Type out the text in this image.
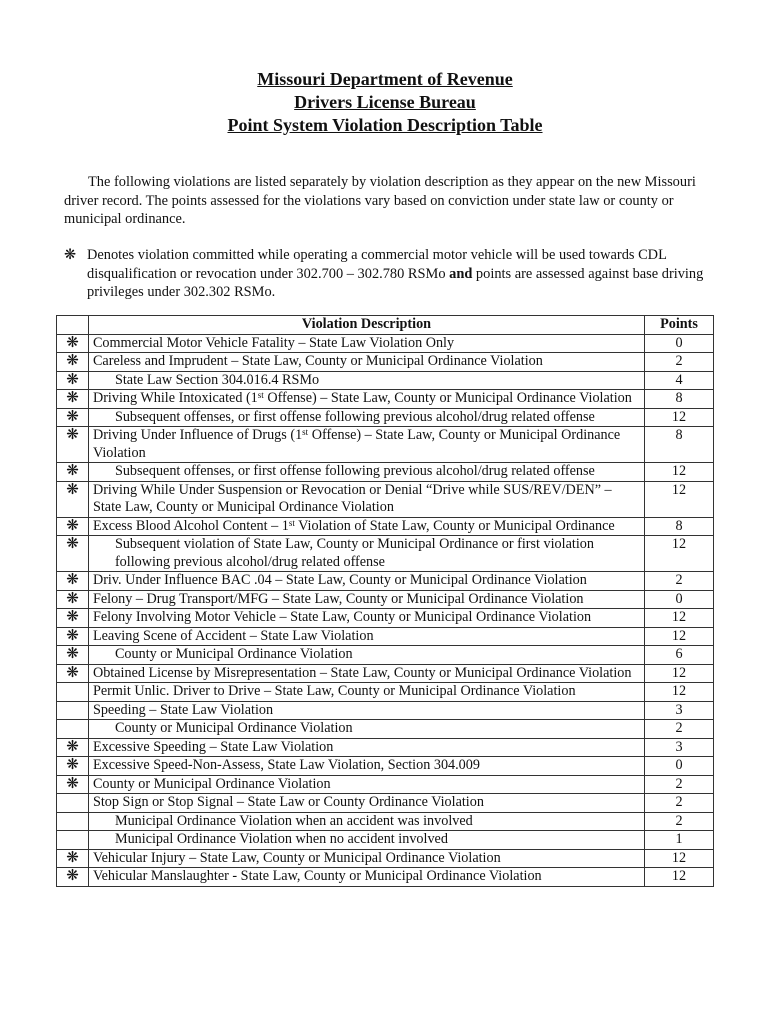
Missouri Department of Revenue
Drivers License Bureau
Point System Violation Description Table

The following violations are listed separately by violation description as they appear on the new Missouri driver record. The points assessed for the violations vary based on conviction under state law or county or municipal ordinance.

❋ Denotes violation committed while operating a commercial motor vehicle will be used towards CDL disqualification or revocation under 302.700 – 302.780 RSMo and points are assessed against base driving privileges under 302.302 RSMo.
	Violation Description	Points
❋	Commercial Motor Vehicle Fatality – State Law Violation Only	0
❋	Careless and Imprudent – State Law, County or Municipal Ordinance Violation	2
❋	State Law Section 304.016.4 RSMo	4
❋	Driving While Intoxicated (1st Offense) – State Law, County or Municipal Ordinance Violation	8
❋	Subsequent offenses, or first offense following previous alcohol/drug related offense	12
❋	Driving Under Influence of Drugs (1st Offense) – State Law, County or Municipal Ordinance Violation	8
❋	Subsequent offenses, or first offense following previous alcohol/drug related offense	12
❋	Driving While Under Suspension or Revocation or Denial “Drive while SUS/REV/DEN” – State Law, County or Municipal Ordinance Violation	12
❋	Excess Blood Alcohol Content – 1st Violation of State Law, County or Municipal Ordinance	8
❋	Subsequent violation of State Law, County or Municipal Ordinance or first violation following previous alcohol/drug related offense	12
❋	Driv. Under Influence BAC .04 – State Law, County or Municipal Ordinance Violation	2
❋	Felony – Drug Transport/MFG – State Law, County or Municipal Ordinance Violation	0
❋	Felony Involving Motor Vehicle – State Law, County or Municipal Ordinance Violation	12
❋	Leaving Scene of Accident – State Law Violation	12
❋	County or Municipal Ordinance Violation	6
❋	Obtained License by Misrepresentation – State Law, County or Municipal Ordinance Violation	12

	Permit Unlic. Driver to Drive – State Law, County or Municipal Ordinance Violation	12

	Speeding – State Law Violation	3

	County or Municipal Ordinance Violation	2
❋	Excessive Speeding – State Law Violation	3
❋	Excessive Speed-Non-Assess, State Law Violation, Section 304.009	0
❋	County or Municipal Ordinance Violation	2

	Stop Sign or Stop Signal – State Law or County Ordinance Violation	2

	Municipal Ordinance Violation when an accident was involved	2

	Municipal Ordinance Violation when no accident involved	1
❋	Vehicular Injury – State Law, County or Municipal Ordinance Violation	12
❋	Vehicular Manslaughter - State Law, County or Municipal Ordinance Violation	12
